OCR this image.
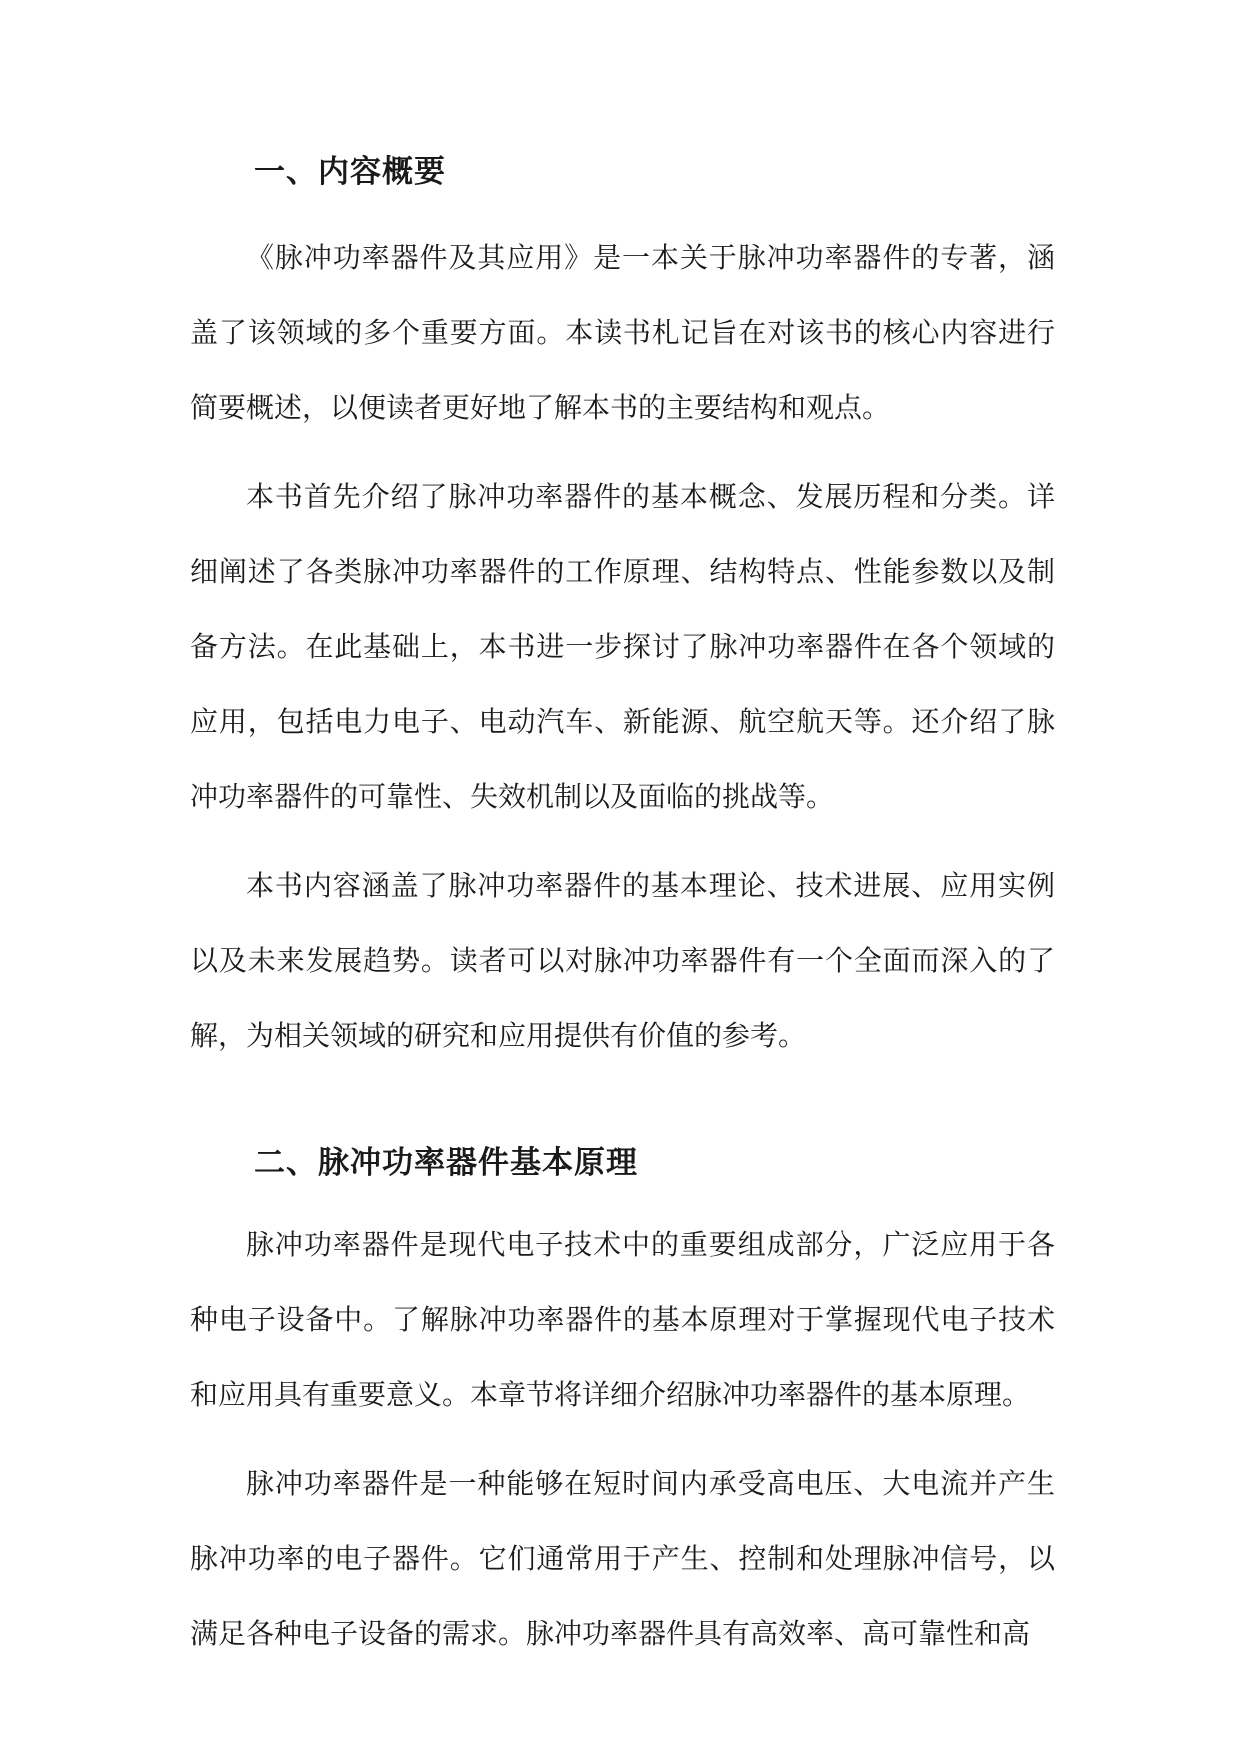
一、内容概要

《脉冲功率器件及其应用》是一本关于脉冲功率器件的专著，涵盖了该领域的多个重要方面。本读书札记旨在对该书的核心内容进行简要概述，以便读者更好地了解本书的主要结构和观点。

本书首先介绍了脉冲功率器件的基本概念、发展历程和分类。详细阐述了各类脉冲功率器件的工作原理、结构特点、性能参数以及制备方法。在此基础上，本书进一步探讨了脉冲功率器件在各个领域的应用，包括电力电子、电动汽车、新能源、航空航天等。还介绍了脉冲功率器件的可靠性、失效机制以及面临的挑战等。

本书内容涵盖了脉冲功率器件的基本理论、技术进展、应用实例以及未来发展趋势。读者可以对脉冲功率器件有一个全面而深入的了解，为相关领域的研究和应用提供有价值的参考。

二、脉冲功率器件基本原理

脉冲功率器件是现代电子技术中的重要组成部分，广泛应用于各种电子设备中。了解脉冲功率器件的基本原理对于掌握现代电子技术和应用具有重要意义。本章节将详细介绍脉冲功率器件的基本原理。

脉冲功率器件是一种能够在短时间内承受高电压、大电流并产生脉冲功率的电子器件。它们通常用于产生、控制和处理脉冲信号，以满足各种电子设备的需求。脉冲功率器件具有高效率、高可靠性和高
